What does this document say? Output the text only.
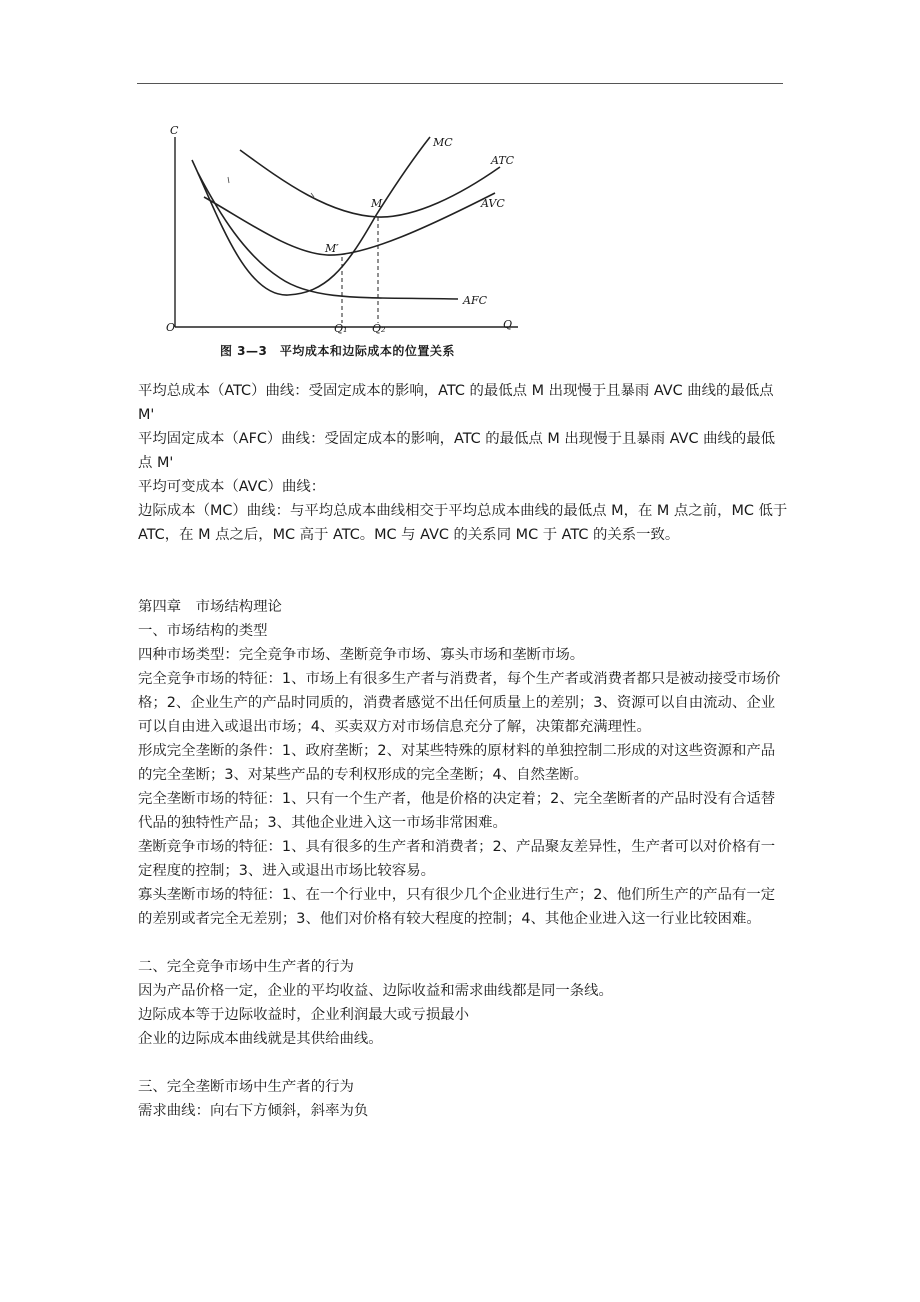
C
O	Q
Q₁ Q₂
MC
ATC
AVC
AFC
M
M′
图 3—3　平均成本和边际成本的位置关系

平均总成本（ATC）曲线：受固定成本的影响，ATC 的最低点 M 出现慢于且暴雨 AVC 曲线的最低点 M'

平均固定成本（AFC）曲线：受固定成本的影响，ATC 的最低点 M 出现慢于且暴雨 AVC 曲线的最低点 M'

平均可变成本（AVC）曲线：

边际成本（MC）曲线：与平均总成本曲线相交于平均总成本曲线的最低点 M，在 M 点之前，MC 低于 ATC，在 M 点之后，MC 高于 ATC。MC 与 AVC 的关系同 MC 于 ATC 的关系一致。

第四章　市场结构理论

一、市场结构的类型

四种市场类型：完全竞争市场、垄断竞争市场、寡头市场和垄断市场。

完全竞争市场的特征：1、市场上有很多生产者与消费者，每个生产者或消费者都只是被动接受市场价格；2、企业生产的产品时同质的，消费者感觉不出任何质量上的差别；3、资源可以自由流动、企业可以自由进入或退出市场；4、买卖双方对市场信息充分了解，决策都充满理性。

形成完全垄断的条件：1、政府垄断；2、对某些特殊的原材料的单独控制二形成的对这些资源和产品的完全垄断；3、对某些产品的专利权形成的完全垄断；4、自然垄断。

完全垄断市场的特征：1、只有一个生产者，他是价格的决定着；2、完全垄断者的产品时没有合适替代品的独特性产品；3、其他企业进入这一市场非常困难。

垄断竞争市场的特征：1、具有很多的生产者和消费者；2、产品聚友差异性，生产者可以对价格有一定程度的控制；3、进入或退出市场比较容易。

寡头垄断市场的特征：1、在一个行业中，只有很少几个企业进行生产；2、他们所生产的产品有一定的差别或者完全无差别；3、他们对价格有较大程度的控制；4、其他企业进入这一行业比较困难。

二、完全竞争市场中生产者的行为

因为产品价格一定，企业的平均收益、边际收益和需求曲线都是同一条线。

边际成本等于边际收益时，企业利润最大或亏损最小

企业的边际成本曲线就是其供给曲线。

三、完全垄断市场中生产者的行为

需求曲线：向右下方倾斜，斜率为负
